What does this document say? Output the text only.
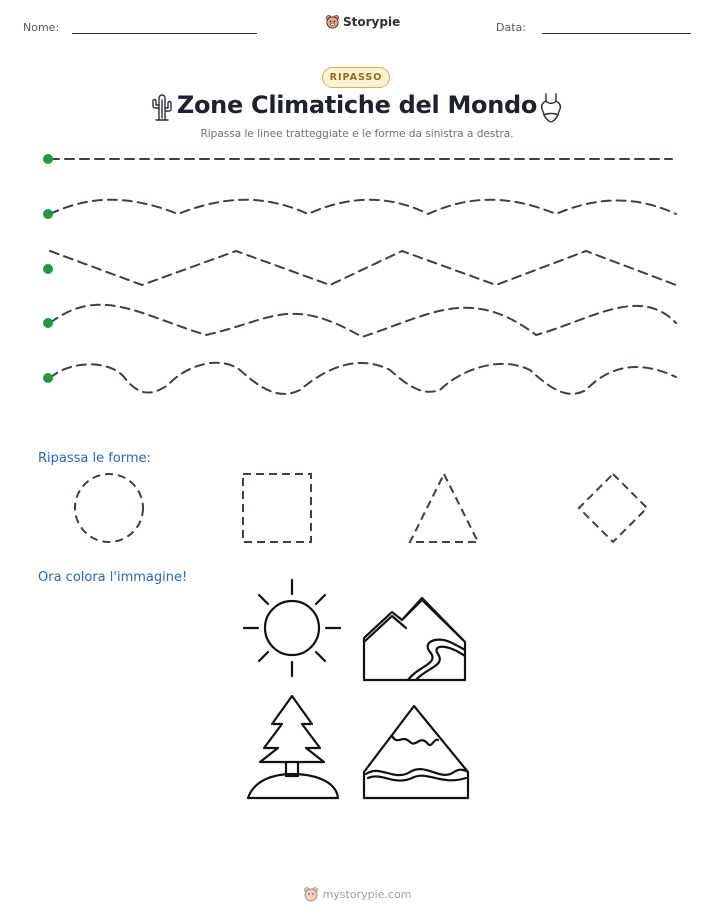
Nome:	Storypie	Data:
RIPASSO
Zone Climatiche del Mondo
Ripassa le linee tratteggiate e le forme da sinistra a destra.
Ripassa le forme:
Ora colora l'immagine!
mystorypie.com
